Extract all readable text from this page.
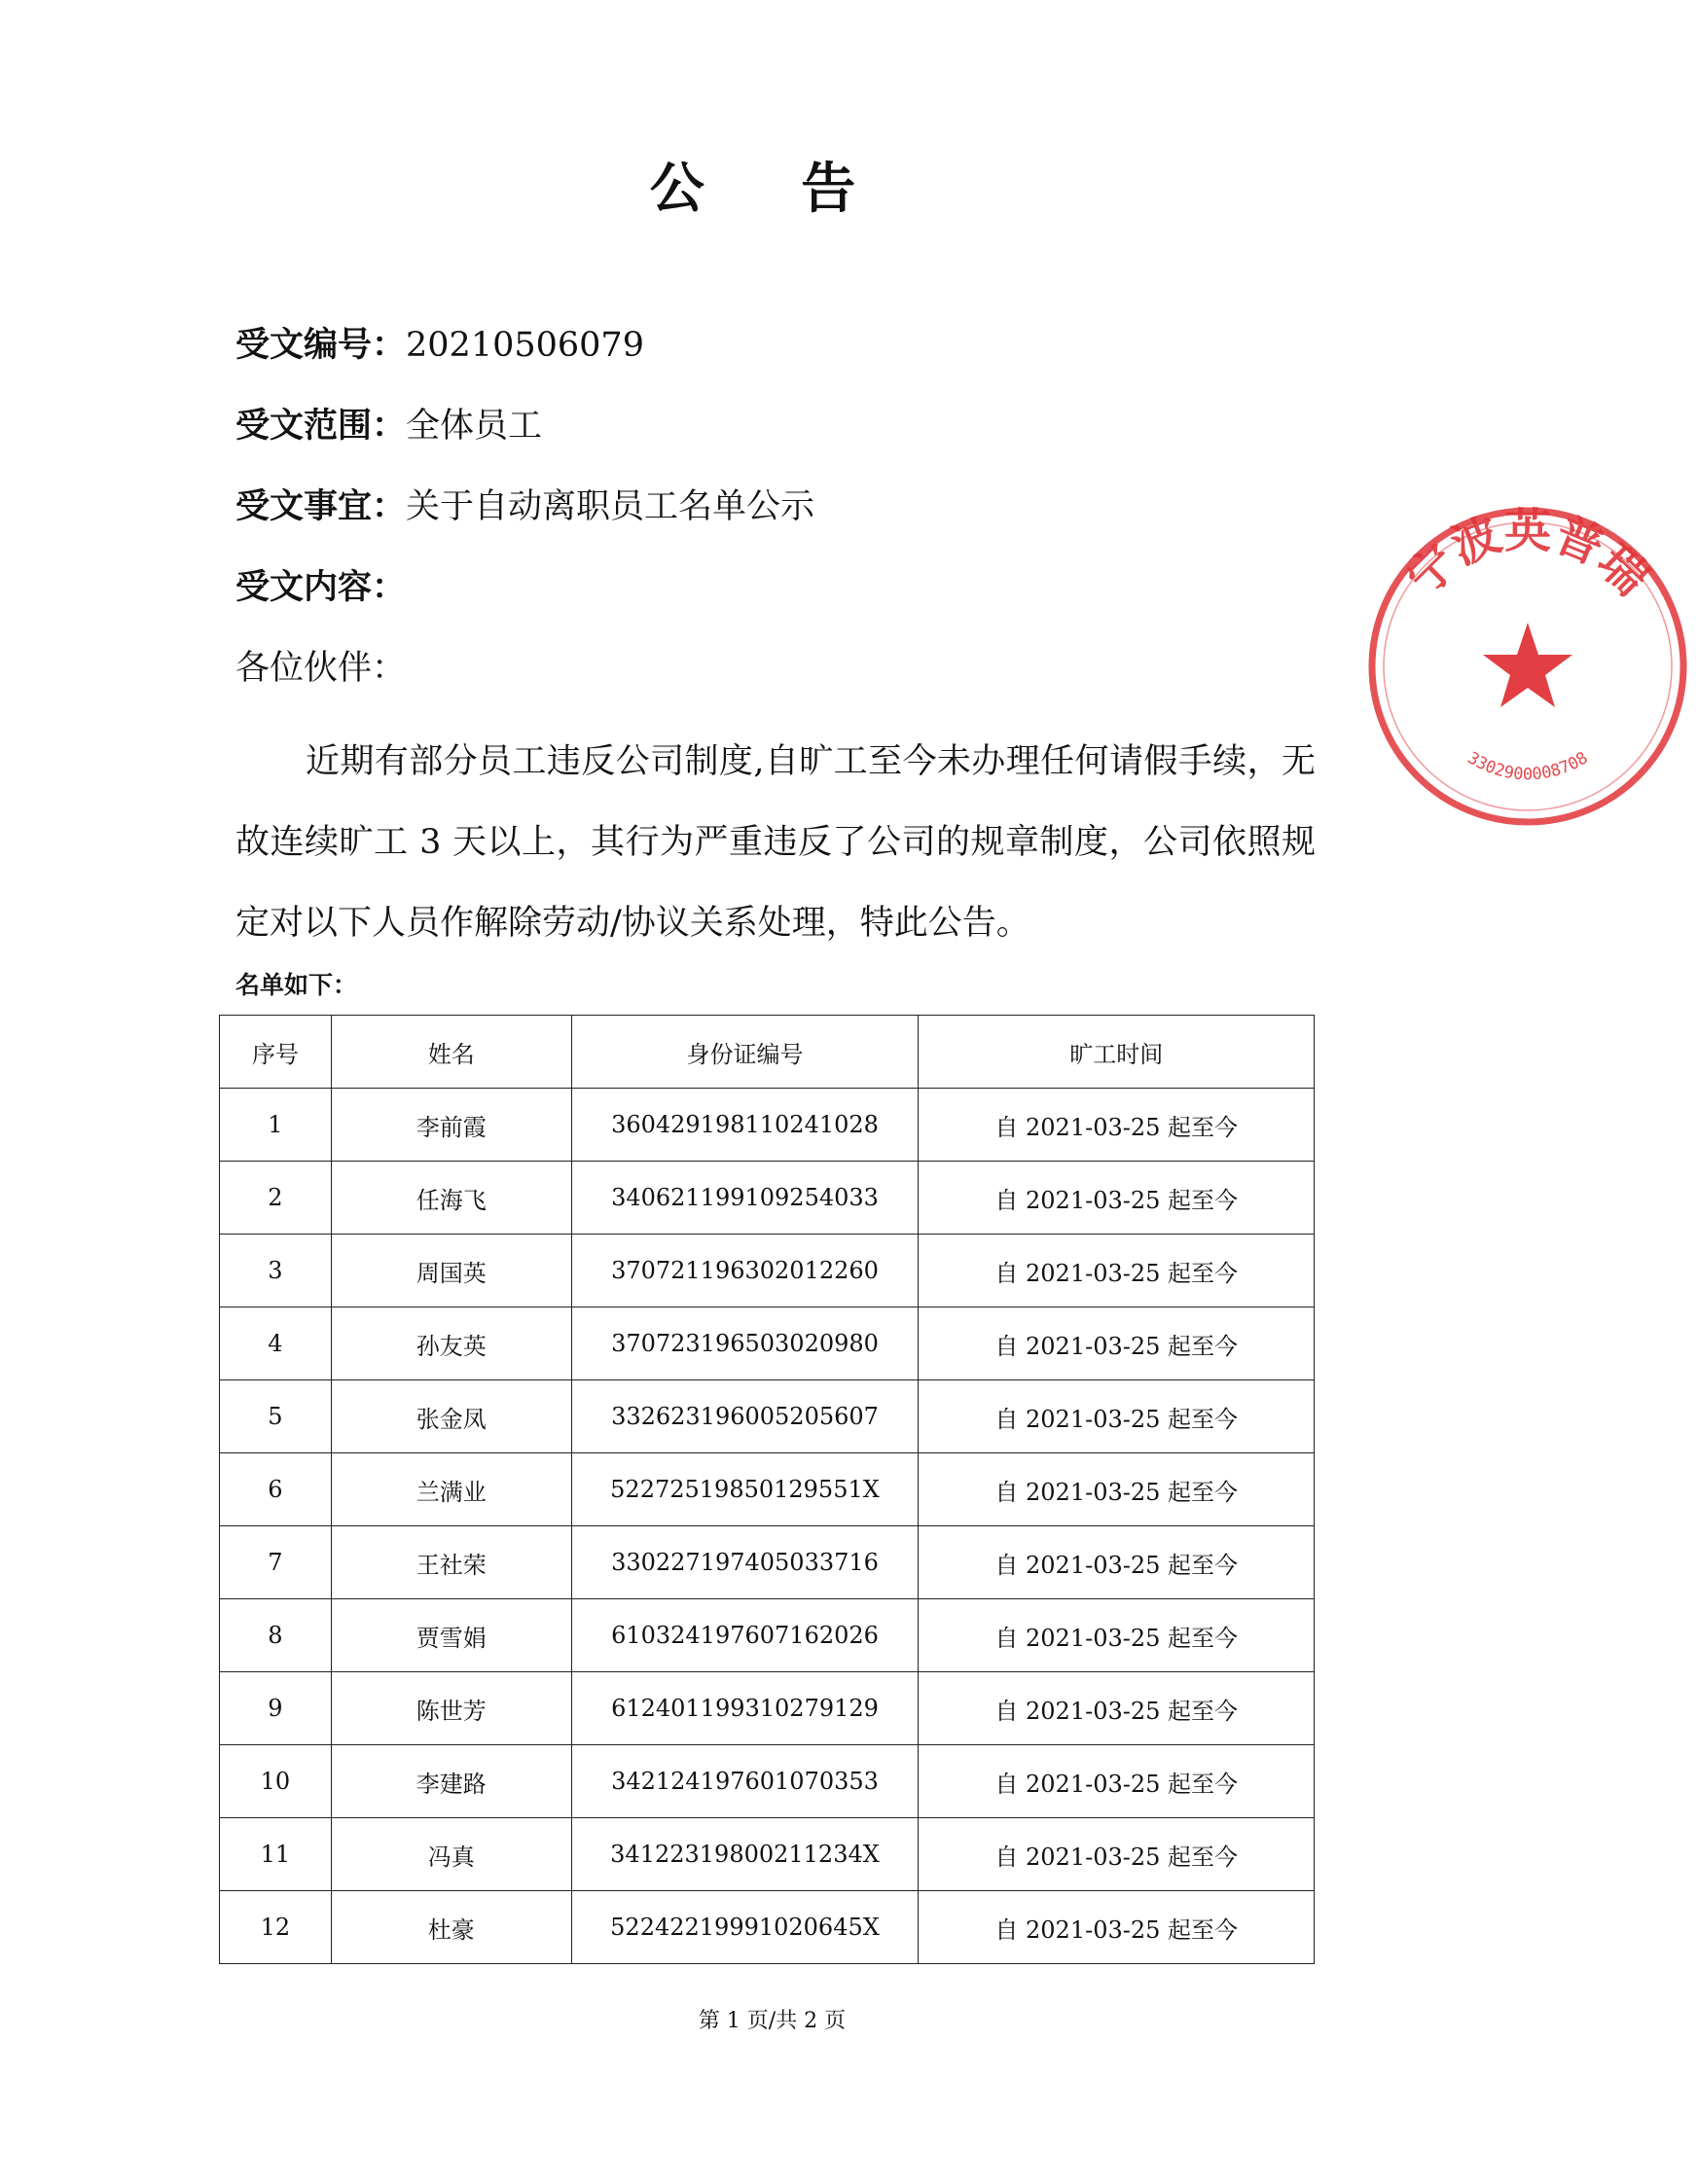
公 告
受文编号：20210506079
受文范围：全体员工
受文事宜：关于自动离职员工名单公示
受文内容：
各位伙伴：
近期有部分员工违反公司制度,自旷工至今未办理任何请假手续，无故连续旷工 3 天以上，其行为严重违反了公司的规章制度，公司依照规定对以下人员作解除劳动/协议关系处理，特此公告。
名单如下：
序号	姓名	身份证编号	旷工时间
1	李前霞	360429198110241028	自 2021-03-25 起至今
2	任海飞	340621199109254033	自 2021-03-25 起至今
3	周国英	370721196302012260	自 2021-03-25 起至今
4	孙友英	370723196503020980	自 2021-03-25 起至今
5	张金凤	332623196005205607	自 2021-03-25 起至今
6	兰满业	52272519850129551X	自 2021-03-25 起至今
7	王社荣	330227197405033716	自 2021-03-25 起至今
8	贾雪娟	610324197607162026	自 2021-03-25 起至今
9	陈世芳	612401199310279129	自 2021-03-25 起至今
10	李建路	342124197601070353	自 2021-03-25 起至今
11	冯真	34122319800211234X	自 2021-03-25 起至今
12	杜豪	52242219991020645X	自 2021-03-25 起至今
第 1 页/共 2 页
宁波英普瑞
3302900008708
